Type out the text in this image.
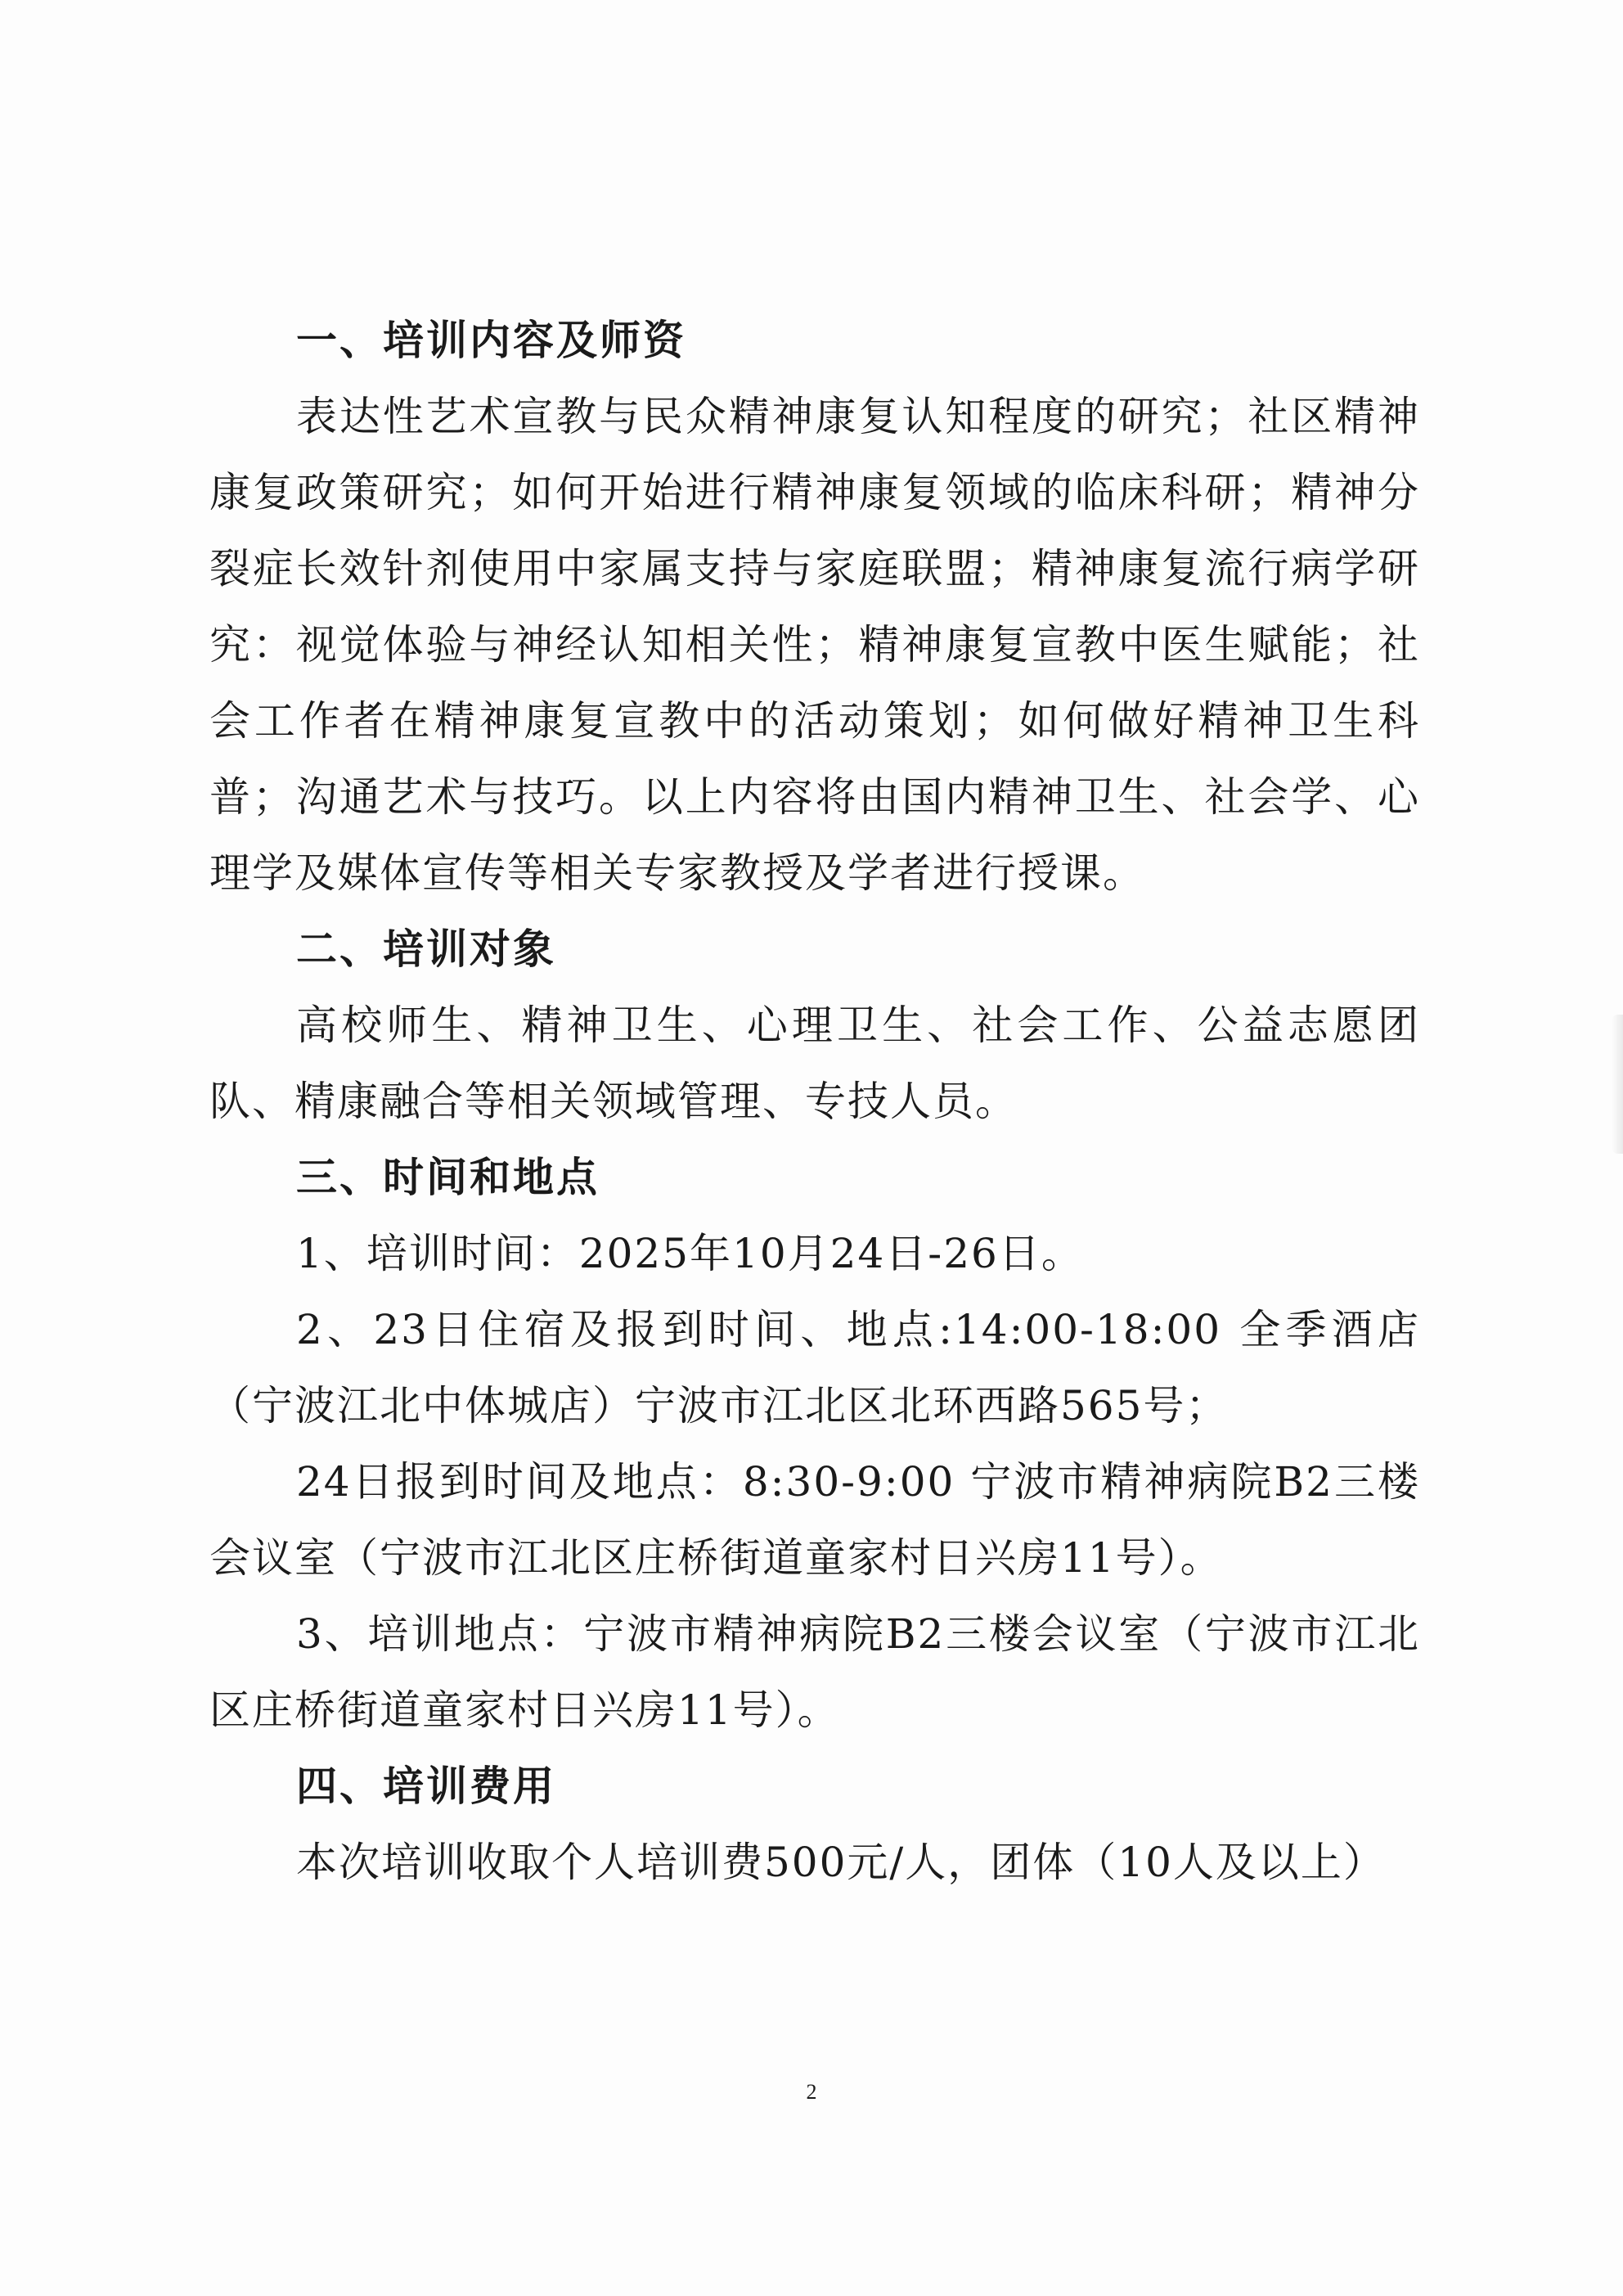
一、培训内容及师资

表达性艺术宣教与民众精神康复认知程度的研究；社区精神康复政策研究；如何开始进行精神康复领域的临床科研；精神分裂症长效针剂使用中家属支持与家庭联盟；精神康复流行病学研究：视觉体验与神经认知相关性；精神康复宣教中医生赋能；社会工作者在精神康复宣教中的活动策划；如何做好精神卫生科普；沟通艺术与技巧。以上内容将由国内精神卫生、社会学、心理学及媒体宣传等相关专家教授及学者进行授课。

二、培训对象

高校师生、精神卫生、心理卫生、社会工作、公益志愿团队、精康融合等相关领域管理、专技人员。

三、时间和地点

1、培训时间：2025年10月24日-26日。

2、23日住宿及报到时间、地点:14:00-18:00 全季酒店（宁波江北中体城店）宁波市江北区北环西路565号；

24日报到时间及地点：8:30-9:00 宁波市精神病院B2三楼会议室（宁波市江北区庄桥街道童家村日兴房11号）。

3、培训地点：宁波市精神病院B2三楼会议室（宁波市江北区庄桥街道童家村日兴房11号）。

四、培训费用

本次培训收取个人培训费500元/人，团体（10人及以上）

2
